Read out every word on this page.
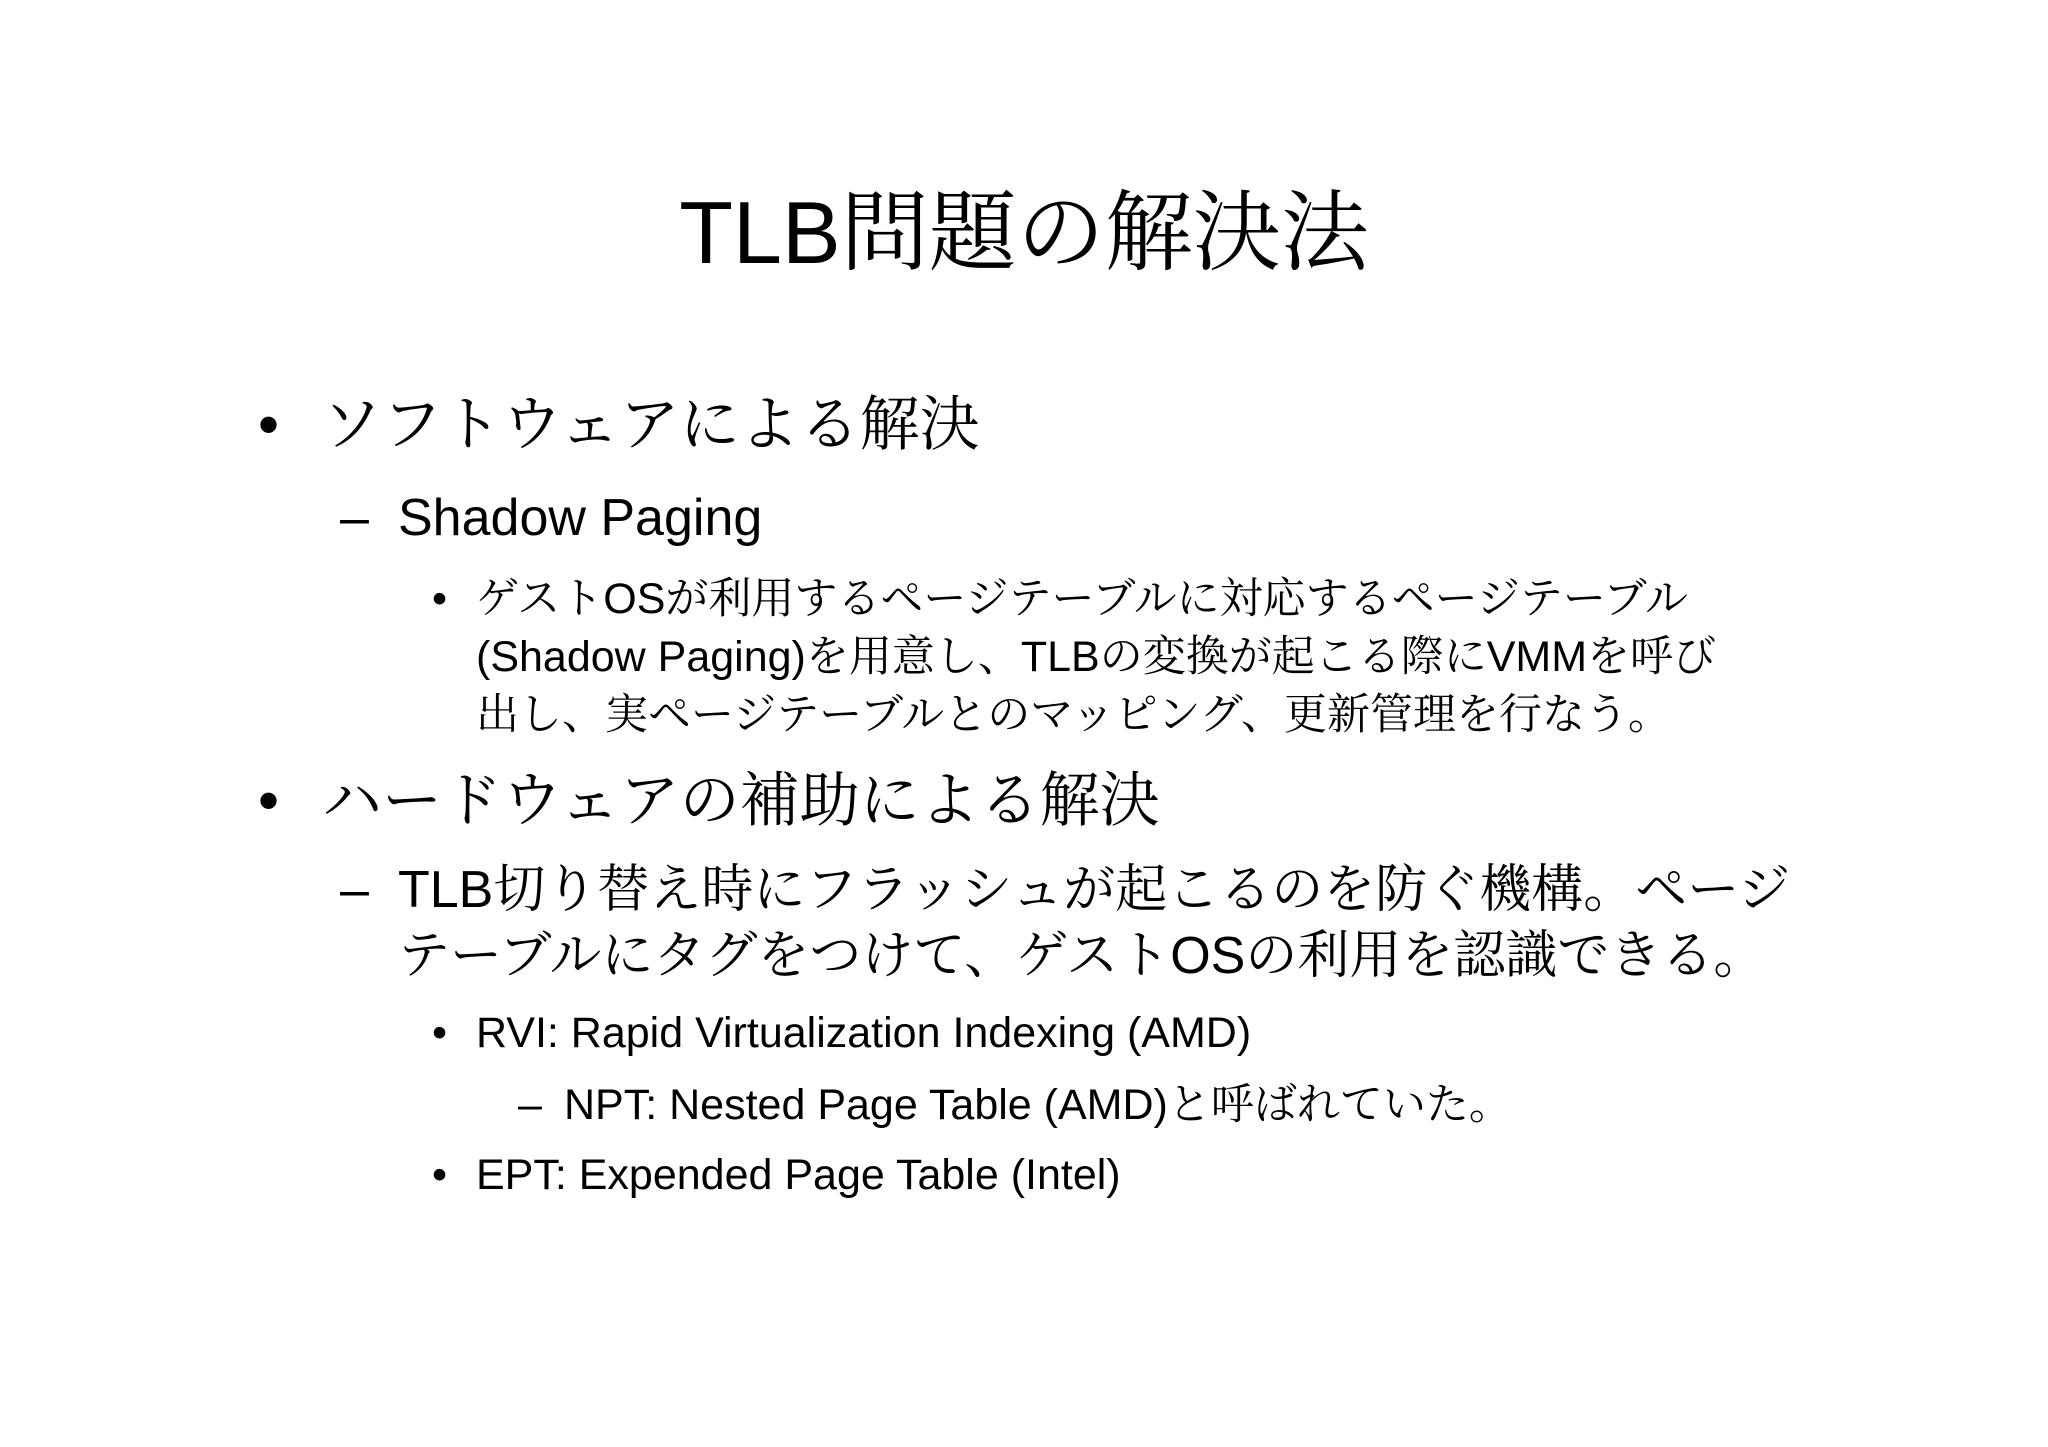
TLB問題の解決法
• ソフトウェアによる解決
– Shadow Paging
• ゲストOSが利用するページテーブルに対応するページテーブル
(Shadow Paging)を用意し、TLBの変換が起こる際にVMMを呼び
出し、実ページテーブルとのマッピング、更新管理を行なう。
• ハードウェアの補助による解決
– TLB切り替え時にフラッシュが起こるのを防ぐ機構。ページ
テーブルにタグをつけて、ゲストOSの利用を認識できる。
• RVI: Rapid Virtualization Indexing (AMD)
– NPT: Nested Page Table (AMD)と呼ばれていた。
• EPT: Expended Page Table (Intel)
